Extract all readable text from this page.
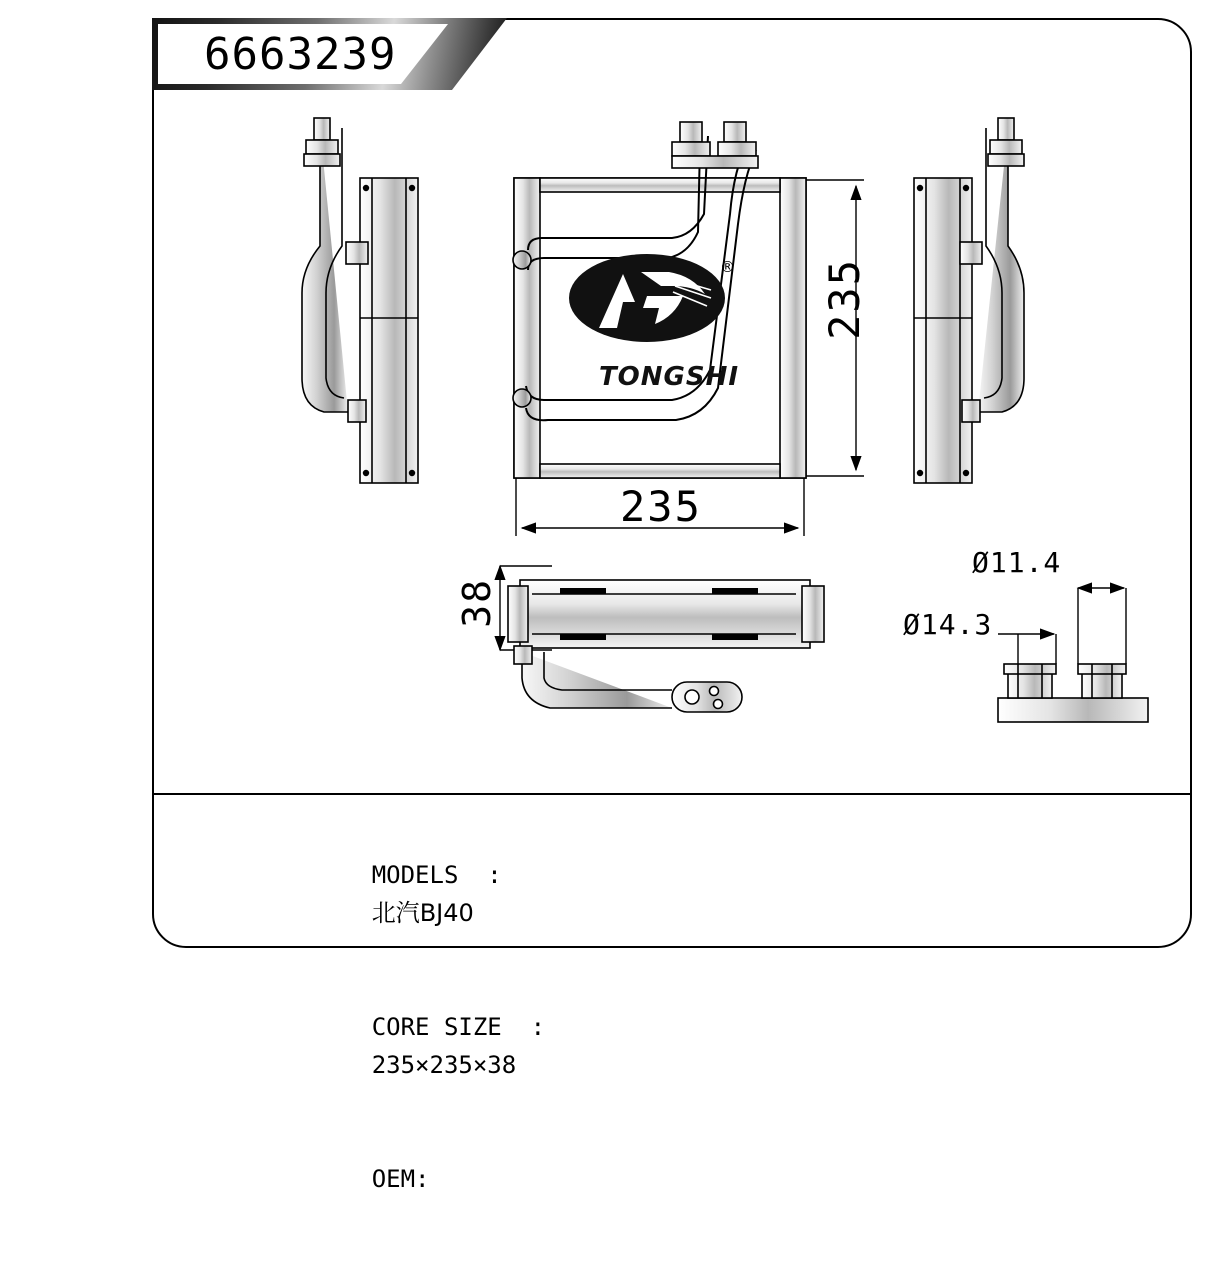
®
TONGSHI
235
235
38
Ø11.4
Ø14.3
6663239

MODELS  :
北汽BJ40

CORE SIZE  :
235×235×38

OEM:
